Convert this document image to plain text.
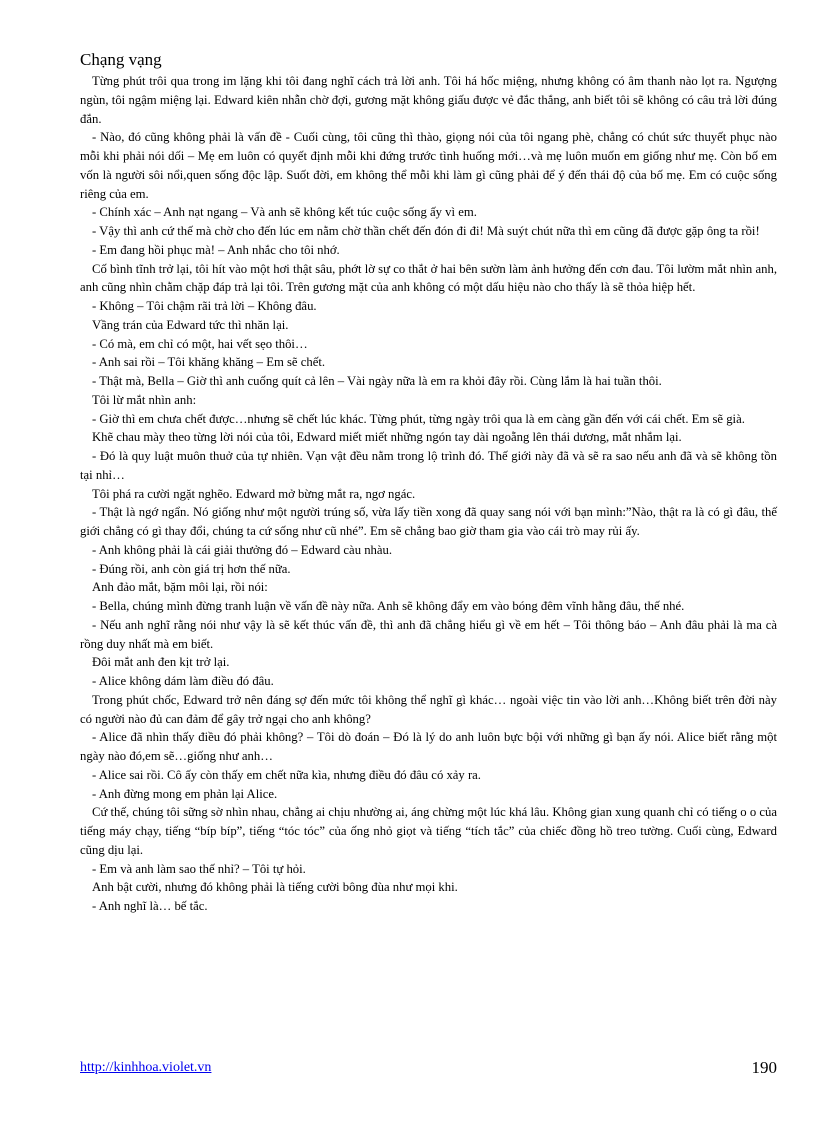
Chạng vạng

Từng phút trôi qua trong im lặng khi tôi đang nghĩ cách trả lời anh. Tôi há hốc miệng, nhưng không có âm thanh nào lọt ra. Ngượng ngùn, tôi ngậm miệng lại. Edward kiên nhẫn chờ đợi, gương mặt không giấu được vẻ đắc thắng, anh biết tôi sẽ không có câu trả lời đúng đắn.

- Nào, đó cũng không phải là vấn đề - Cuối cùng, tôi cũng thì thào, giọng nói của tôi ngang phè, chẳng có chút sức thuyết phục nào mỗi khi phải nói dối – Mẹ em luôn có quyết định mỗi khi đứng trước tình huống mới…và mẹ luôn muốn em giống như mẹ. Còn bố em vốn là người sôi nổi,quen sống độc lập. Suốt đời, em không thể mỗi khi làm gì cũng phải để ý đến thái độ của bố mẹ. Em có cuộc sống riêng của em.

- Chính xác – Anh nạt ngang – Và anh sẽ không kết túc cuộc sống ấy vì em.

- Vậy thì anh cứ thế mà chờ cho đến lúc em nằm chờ thần chết đến đón đi đi! Mà suýt chút nữa thì em cũng đã được gặp ông ta rồi!

- Em đang hồi phục mà! – Anh nhắc cho tôi nhớ.

Cố bình tĩnh trở lại, tôi hít vào một hơi thật sâu, phớt lờ sự co thắt ở hai bên sườn làm ảnh hưởng đến cơn đau. Tôi lườm mắt nhìn anh, anh cũng nhìn chằm chặp đáp trả lại tôi. Trên gương mặt của anh không có một dấu hiệu nào cho thấy là sẽ thỏa hiệp hết.

- Không – Tôi chậm rãi trả lời – Không đâu.

Vầng trán của Edward tức thì nhăn lại.

- Có mà, em chỉ có một, hai vết sẹo thôi…

- Anh sai rồi – Tôi khăng khăng – Em sẽ chết.

- Thật mà, Bella – Giờ thì anh cuống quít cả lên – Vài ngày nữa là em ra khỏi đây rồi. Cùng lắm là hai tuần thôi.

Tôi lừ mắt nhìn anh:

- Giờ thì em chưa chết được…nhưng sẽ chết lúc khác. Từng phút, từng ngày trôi qua là em càng gần đến với cái chết. Em sẽ già.

Khẽ chau mày theo từng lời nói của tôi, Edward miết miết những ngón tay dài ngoẵng lên thái dương, mắt nhắm lại.

- Đó là quy luật muôn thuở của tự nhiên. Vạn vật đều nằm trong lộ trình đó. Thế giới này đã và sẽ ra sao nếu anh đã và sẽ không tồn tại nhỉ…

Tôi phá ra cười ngặt nghẽo. Edward mở bừng mắt ra, ngơ ngác.

- Thật là ngớ ngẩn. Nó giống như một người trúng số, vừa lấy tiền xong đã quay sang nói với bạn mình:”Nào, thật ra là có gì đâu, thế giới chẳng có gì thay đổi, chúng ta cứ sống như cũ nhé”. Em sẽ chẳng bao giờ tham gia vào cái trò may rủi ấy.

- Anh không phải là cái giải thưởng đó – Edward càu nhàu.

- Đúng rồi, anh còn giá trị hơn thế nữa.

Anh đảo mắt, bặm môi lại, rồi nói:

- Bella, chúng mình đừng tranh luận về vấn đề này nữa. Anh sẽ không đẩy em vào bóng đêm vĩnh hằng đâu, thế nhé.

- Nếu anh nghĩ rằng nói như vậy là sẽ kết thúc vấn đề, thì anh đã chẳng hiểu gì về em hết – Tôi thông báo – Anh đâu phải là ma cà rồng duy nhất mà em biết.

Đôi mắt anh đen kịt trở lại.

- Alice không dám làm điều đó đâu.

Trong phút chốc, Edward trở nên đáng sợ đến mức tôi không thể nghĩ gì khác… ngoài việc tin vào lời anh…Không biết trên đời này có người nào đủ can đảm để gây trở ngại cho anh không?

- Alice đã nhìn thấy điều đó phải không? – Tôi dò đoán – Đó là lý do anh luôn bực bội với những gì bạn ấy nói. Alice biết rằng một ngày nào đó,em sẽ…giống như anh…

- Alice sai rồi. Cô ấy còn thấy em chết nữa kìa, nhưng điều đó đâu có xảy ra.

- Anh đừng mong em phản lại Alice.

Cứ thế, chúng tôi sững sờ nhìn nhau, chẳng ai chịu nhường ai, áng chừng một lúc khá lâu. Không gian xung quanh chỉ có tiếng o o của tiếng máy chạy, tiếng “bíp bíp”, tiếng “tóc tóc” của ống nhỏ giọt và tiếng “tích tắc” của chiếc đồng hồ treo tường. Cuối cùng, Edward cũng dịu lại.

- Em và anh làm sao thế nhỉ? – Tôi tự hỏi.

Anh bật cười, nhưng đó không phải là tiếng cười bông đùa như mọi khi.

- Anh nghĩ là… bế tắc.

http://kinhhoa.violet.vn	190
